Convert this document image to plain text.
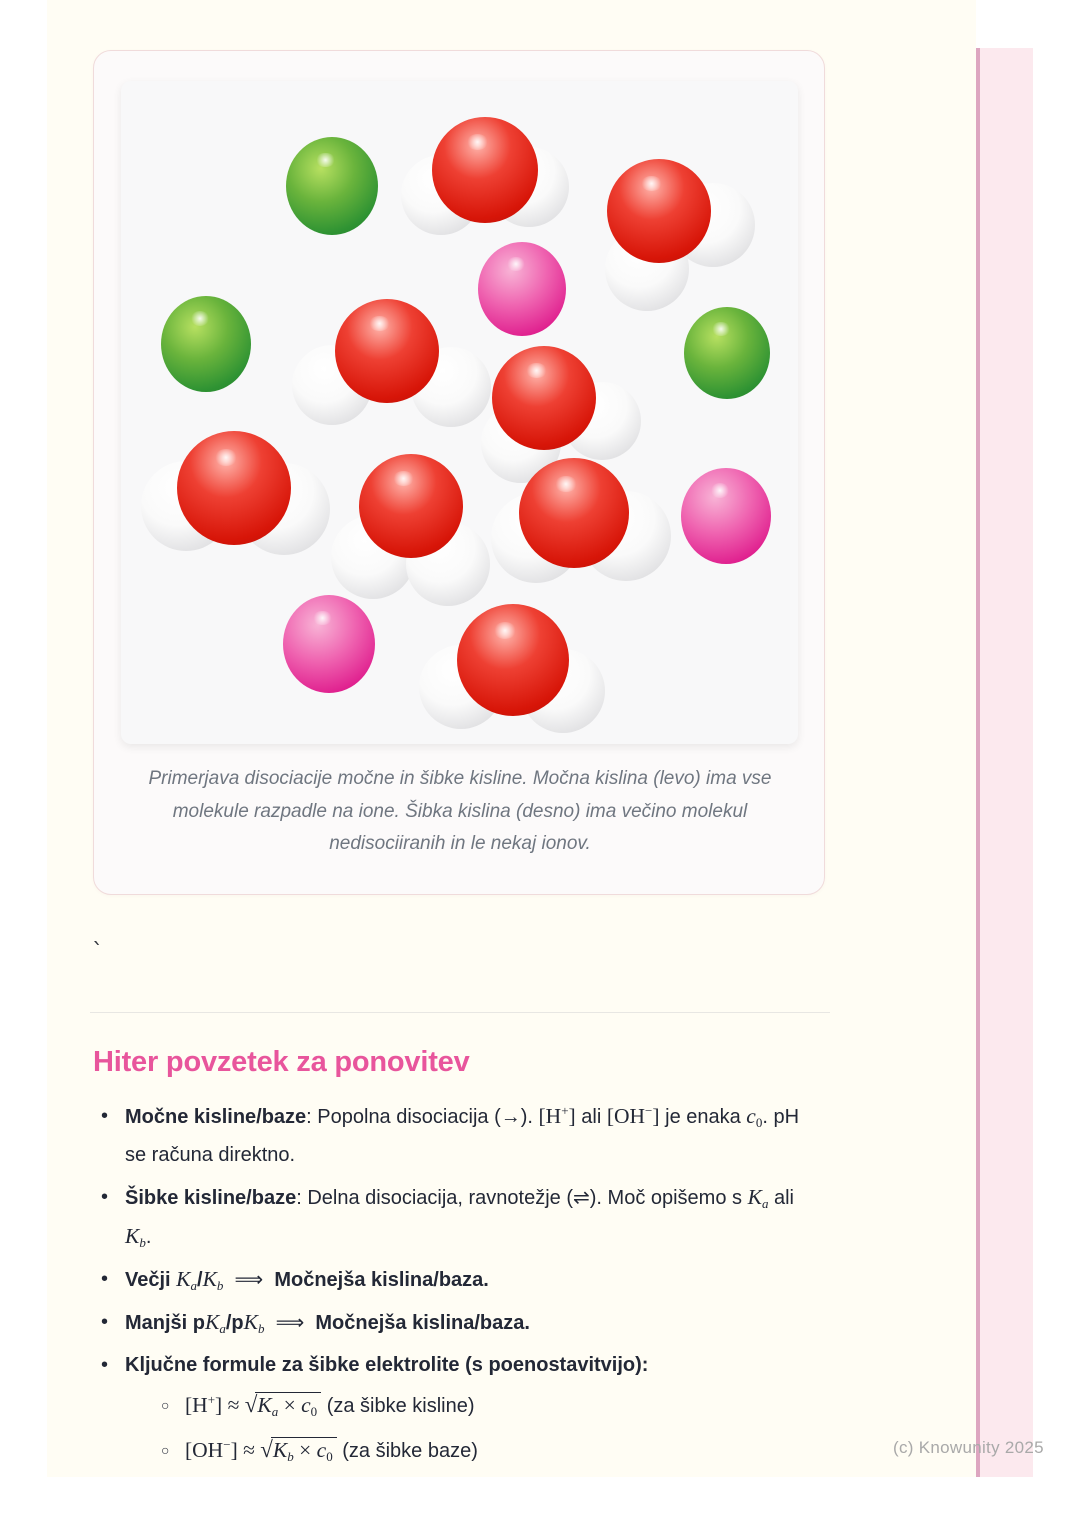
Primerjava disociacije močne in šibke kisline. Močna kislina (levo) ima vse molekule razpadle na ione. Šibka kislina (desno) ima večino molekul nedisociiranih in le nekaj ionov.
`
Hiter povzetek za ponovitev
• Močne kisline/baze: Popolna disociacija (→). [H+] ali [OH−] je enaka $c_0$. pH se računa direktno.
• Šibke kisline/baze: Delna disociacija, ravnotežje (⇌). Moč opišemo s $K_a$ ali $K_b$.
• Večji $K_a/K_b$  ⟹  Močnejša kislina/baza.
• Manjši $pK_a/pK_b$  ⟹  Močnejša kislina/baza.
• Ključne formule za šibke elektrolite (s poenostavitvijo):
○ $[H^+] \approx √K_a \times c_0$ (za šibke kisline)
○ $[OH^-] \approx √K_b \times c_0$ (za šibke baze)	(c) Knowunity 2025
